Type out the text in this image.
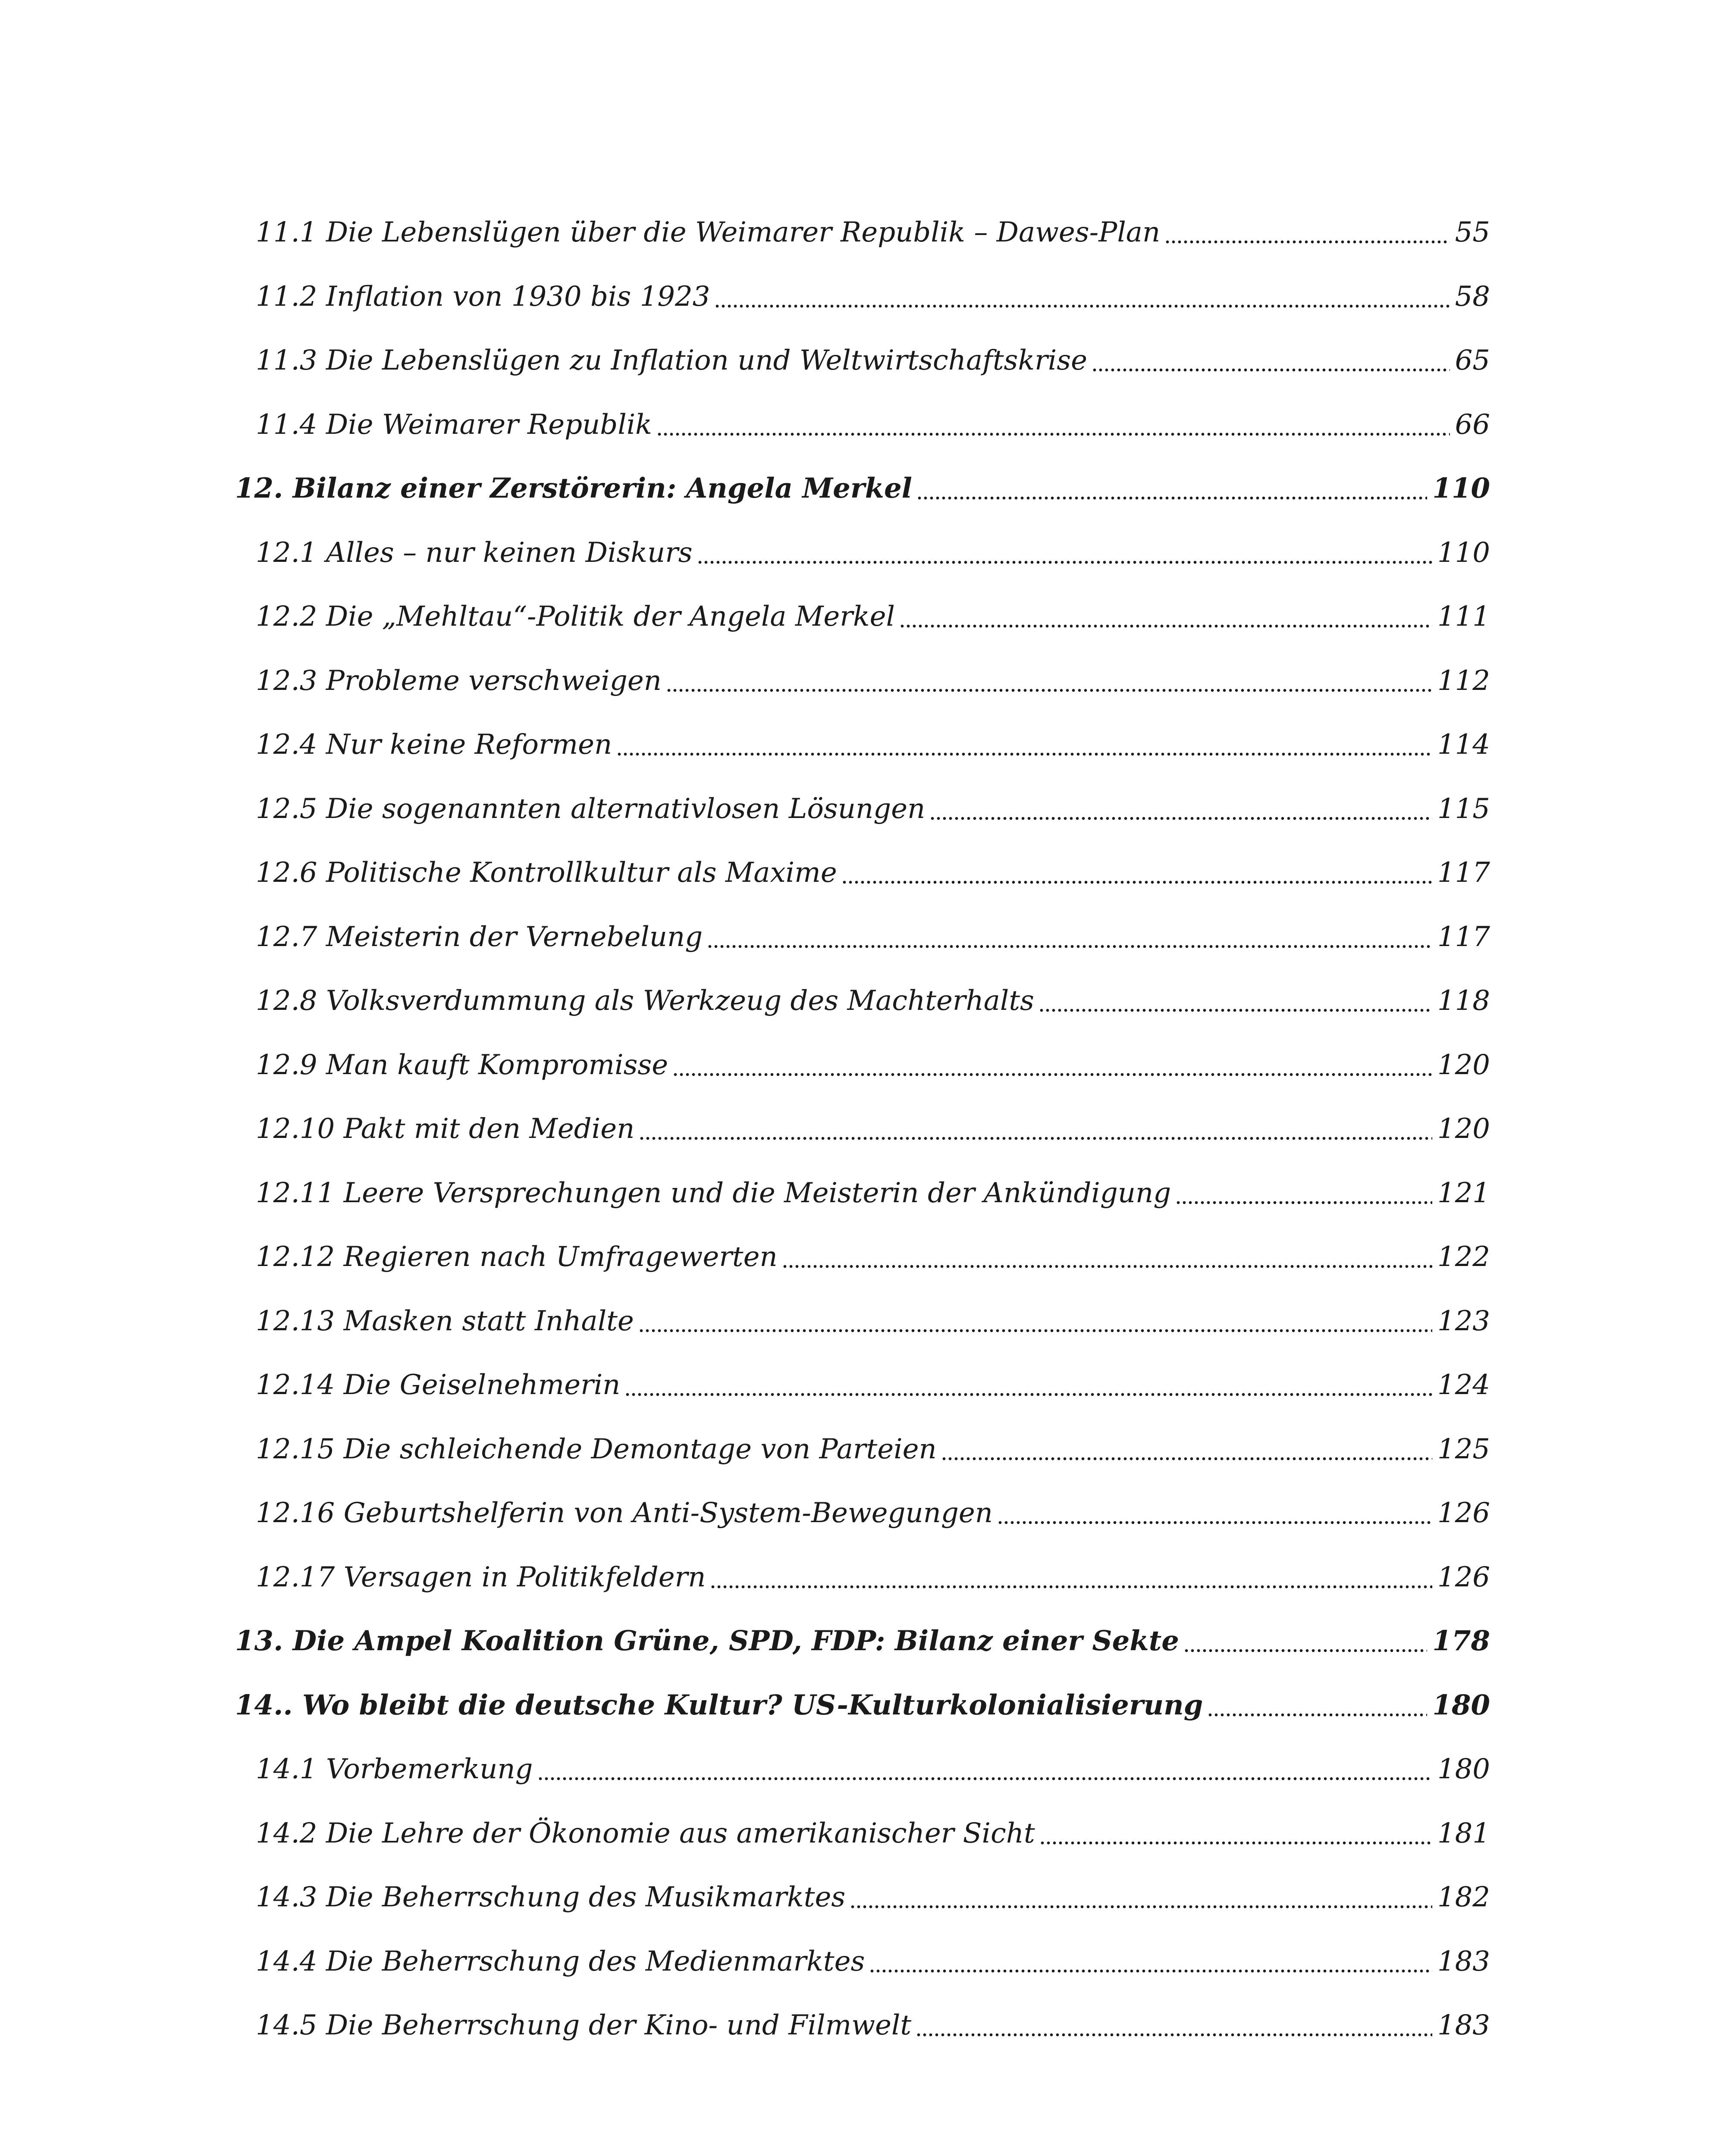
11.1 Die Lebenslügen über die Weimarer Republik – Dawes-Plan	55
11.2 Inflation von 1930 bis 1923	58
11.3 Die Lebenslügen zu Inflation und Weltwirtschaftskrise	65
11.4 Die Weimarer Republik	66
12. Bilanz einer Zerstörerin: Angela Merkel	110
12.1 Alles – nur keinen Diskurs	110
12.2 Die „Mehltau“-Politik der Angela Merkel	111
12.3 Probleme verschweigen	112
12.4 Nur keine Reformen	114
12.5 Die sogenannten alternativlosen Lösungen	115
12.6 Politische Kontrollkultur als Maxime	117
12.7 Meisterin der Vernebelung	117
12.8 Volksverdummung als Werkzeug des Machterhalts	118
12.9 Man kauft Kompromisse	120
12.10 Pakt mit den Medien	120
12.11 Leere Versprechungen und die Meisterin der Ankündigung	121
12.12 Regieren nach Umfragewerten	122
12.13 Masken statt Inhalte	123
12.14 Die Geiselnehmerin	124
12.15 Die schleichende Demontage von Parteien	125
12.16 Geburtshelferin von Anti-System-Bewegungen	126
12.17 Versagen in Politikfeldern	126
13. Die Ampel Koalition Grüne, SPD, FDP: Bilanz einer Sekte	178
14.. Wo bleibt die deutsche Kultur? US-Kulturkolonialisierung	180
14.1 Vorbemerkung	180
14.2 Die Lehre der Ökonomie aus amerikanischer Sicht	181
14.3 Die Beherrschung des Musikmarktes	182
14.4 Die Beherrschung des Medienmarktes	183
14.5 Die Beherrschung der Kino- und Filmwelt	183
